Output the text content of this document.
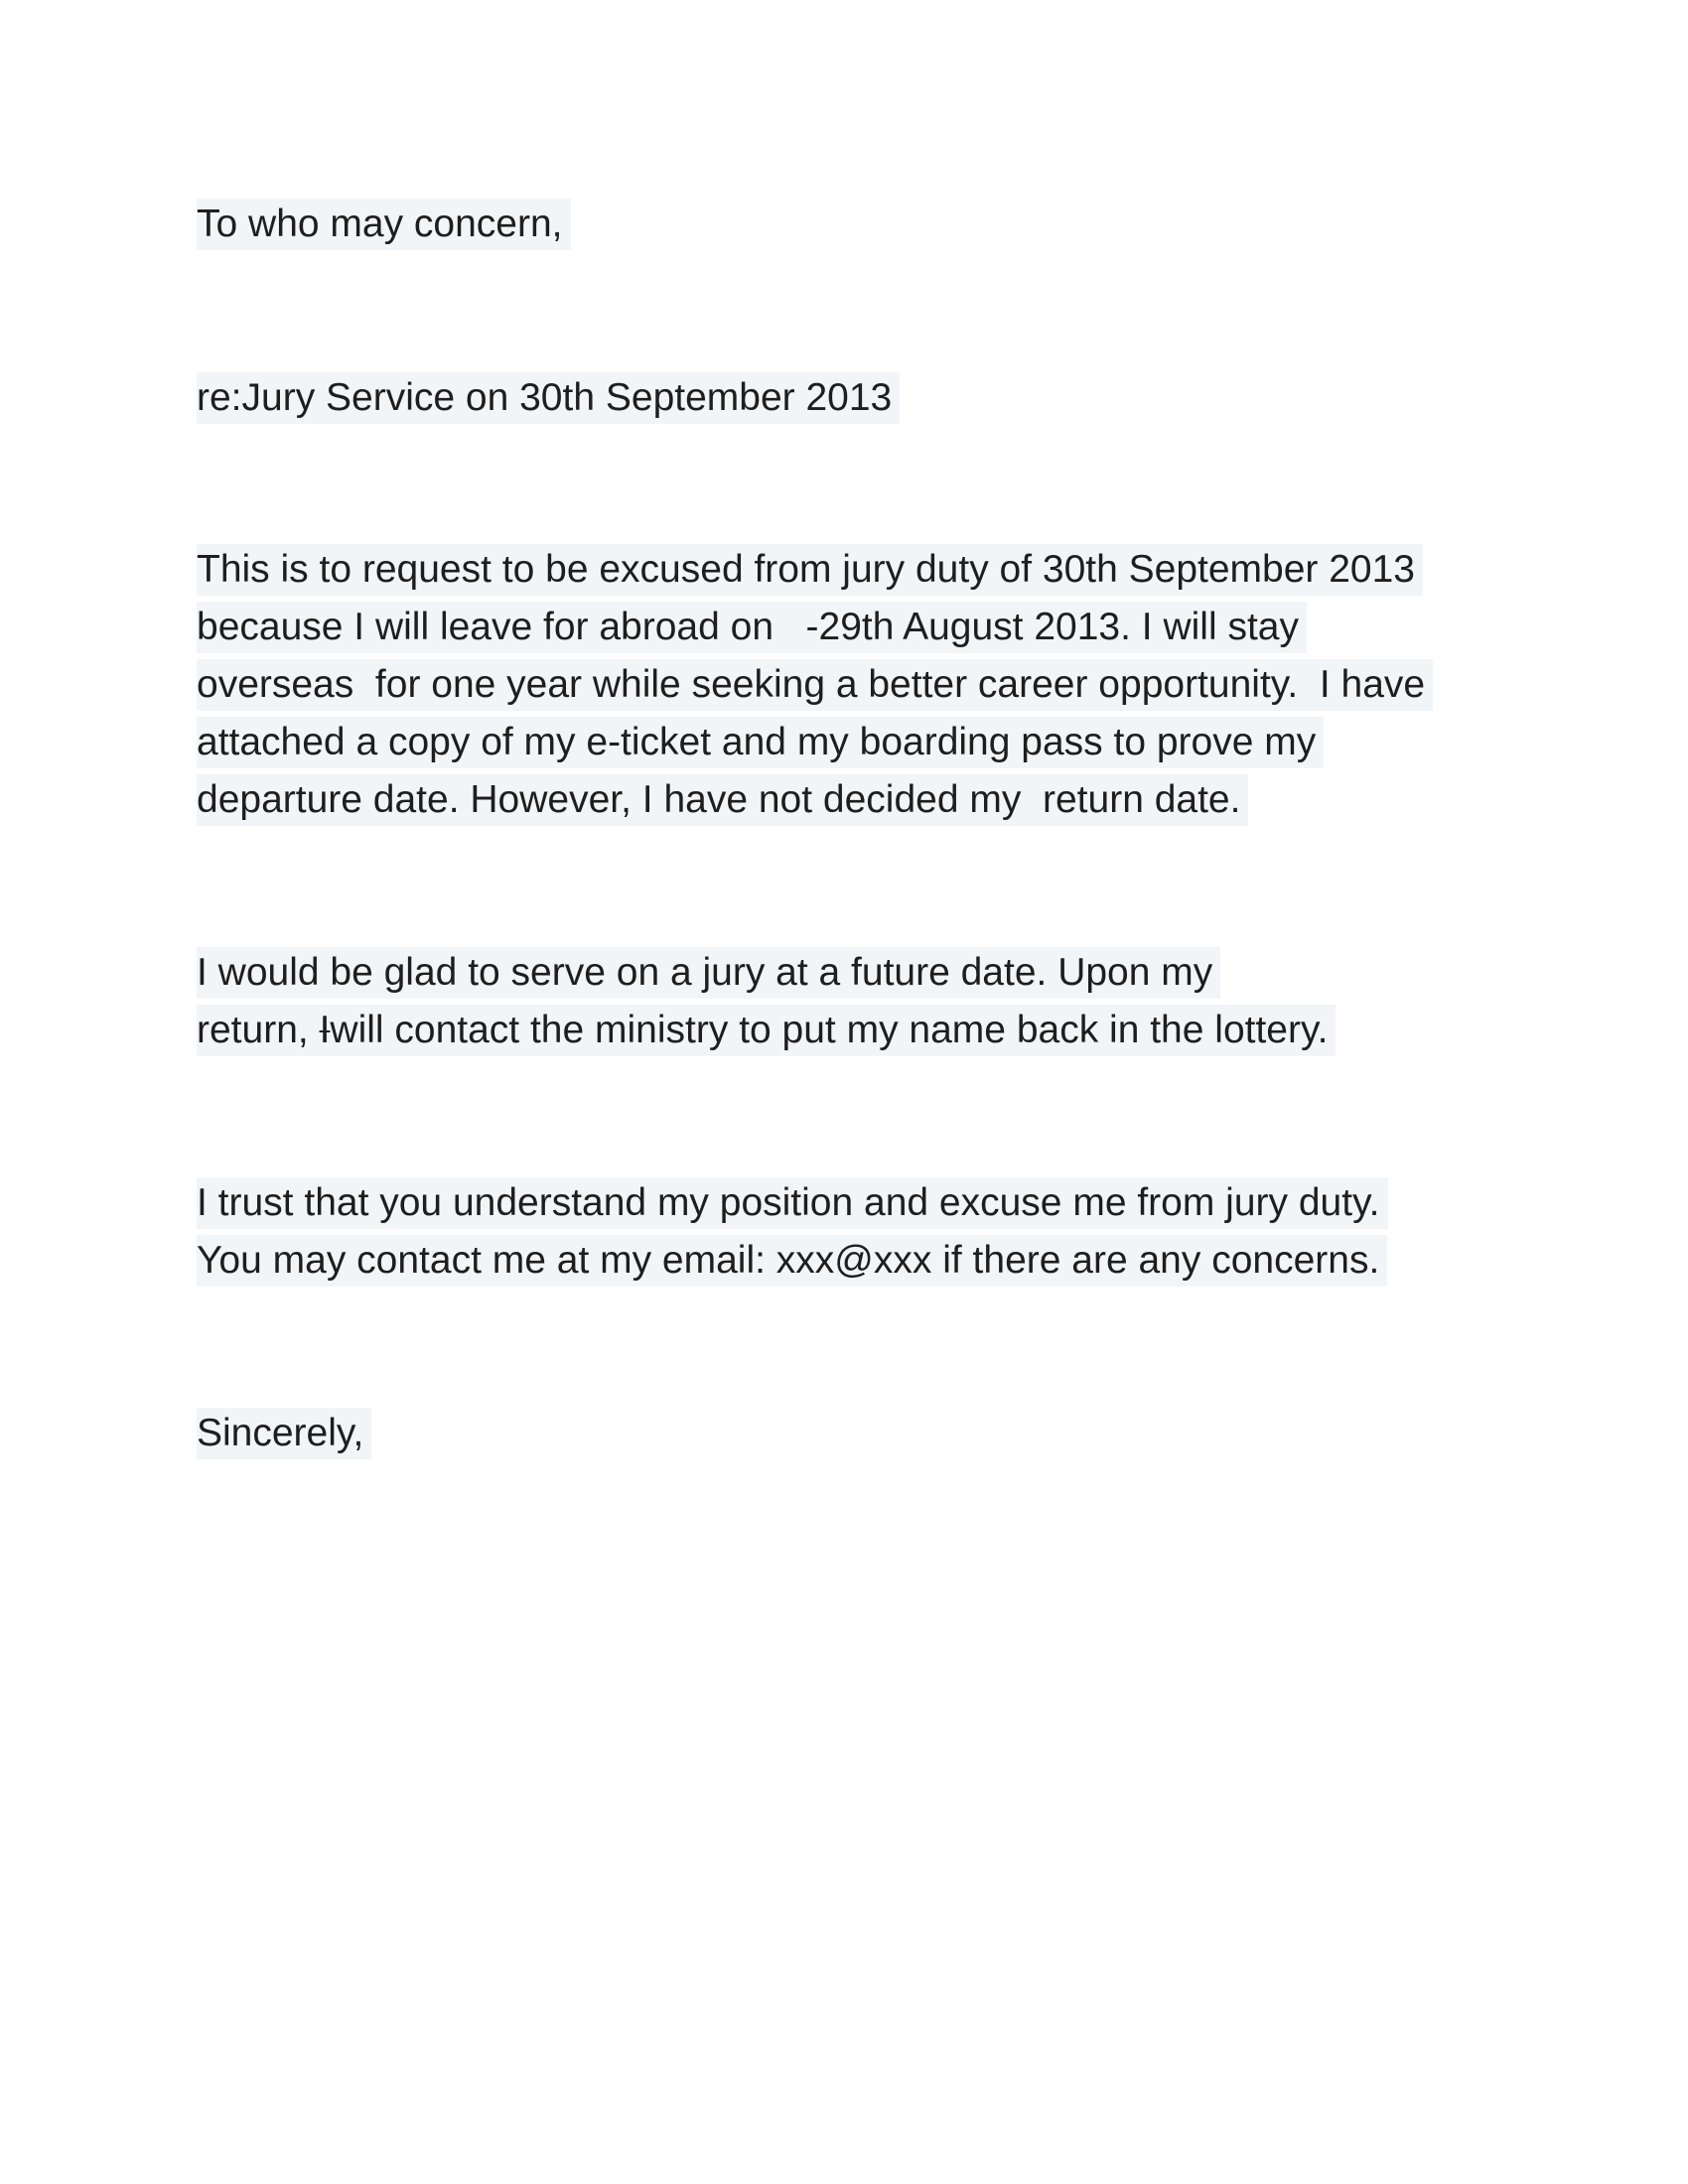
To who may concern,
re:Jury Service on 30th September 2013
This is to request to be excused from jury duty of 30th September 2013
because I will leave for abroad on   -29th August 2013. I will stay
overseas  for one year while seeking a better career opportunity.  I have
attached a copy of my e-ticket and my boarding pass to prove my
departure date. However, I have not decided my  return date.
I would be glad to serve on a jury at a future date. Upon my
return, Iwill contact the ministry to put my name back in the lottery.
I trust that you understand my position and excuse me from jury duty.
You may contact me at my email: xxx@xxx if there are any concerns.
Sincerely,
